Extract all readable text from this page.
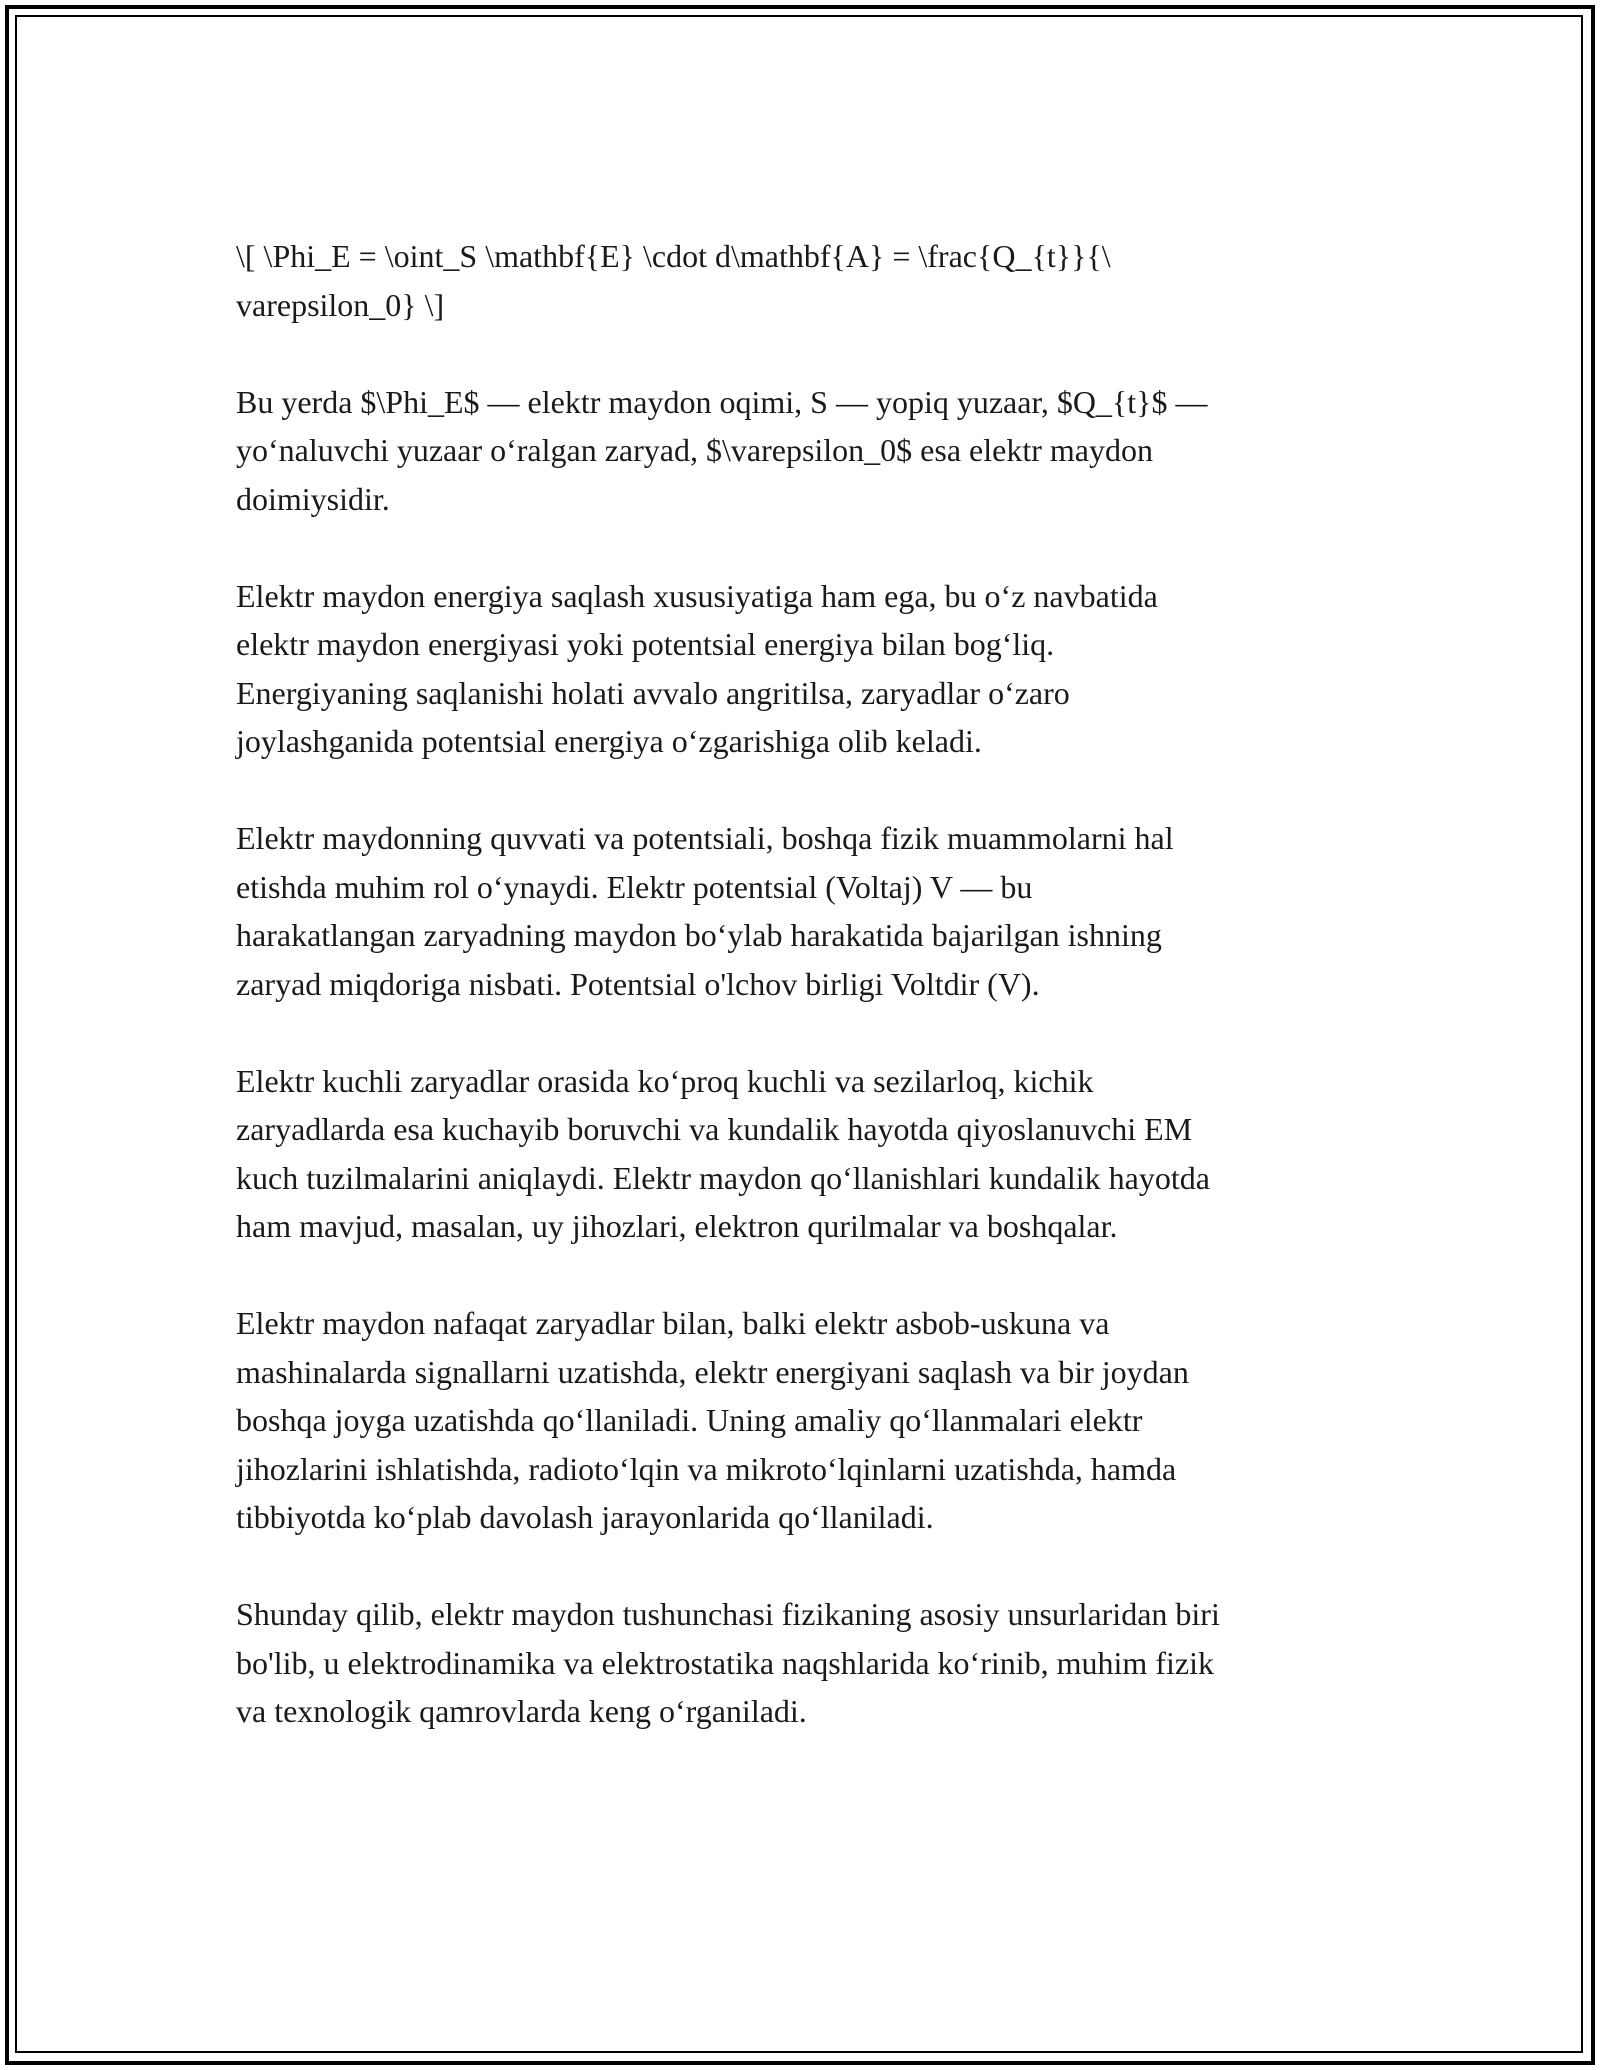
\[ \Phi_E = \oint_S \mathbf{E} \cdot d\mathbf{A} = \frac{Q_{t}}{\
varepsilon_0} \]

Bu yerda $\Phi_E$ — elektr maydon oqimi, S — yopiq yuzaar, $Q_{t}$ —
yoʻnaluvchi yuzaar oʻralgan zaryad, $\varepsilon_0$ esa elektr maydon
doimiysidir.

Elektr maydon energiya saqlash xususiyatiga ham ega, bu oʻz navbatida
elektr maydon energiyasi yoki potentsial energiya bilan bogʻliq.
Energiyaning saqlanishi holati avvalo angritilsa, zaryadlar oʻzaro
joylashganida potentsial energiya oʻzgarishiga olib keladi.

Elektr maydonning quvvati va potentsiali, boshqa fizik muammolarni hal
etishda muhim rol oʻynaydi. Elektr potentsial (Voltaj) V — bu
harakatlangan zaryadning maydon boʻylab harakatida bajarilgan ishning
zaryad miqdoriga nisbati. Potentsial o'lchov birligi Voltdir (V).

Elektr kuchli zaryadlar orasida koʻproq kuchli va sezilarloq, kichik
zaryadlarda esa kuchayib boruvchi va kundalik hayotda qiyoslanuvchi EM
kuch tuzilmalarini aniqlaydi. Elektr maydon qoʻllanishlari kundalik hayotda
ham mavjud, masalan, uy jihozlari, elektron qurilmalar va boshqalar.

Elektr maydon nafaqat zaryadlar bilan, balki elektr asbob-uskuna va
mashinalarda signallarni uzatishda, elektr energiyani saqlash va bir joydan
boshqa joyga uzatishda qoʻllaniladi. Uning amaliy qoʻllanmalari elektr
jihozlarini ishlatishda, radiotoʻlqin va mikrotoʻlqinlarni uzatishda, hamda
tibbiyotda koʻplab davolash jarayonlarida qoʻllaniladi.

Shunday qilib, elektr maydon tushunchasi fizikaning asosiy unsurlaridan biri
bo'lib, u elektrodinamika va elektrostatika naqshlarida koʻrinib, muhim fizik
va texnologik qamrovlarda keng oʻrganiladi.
